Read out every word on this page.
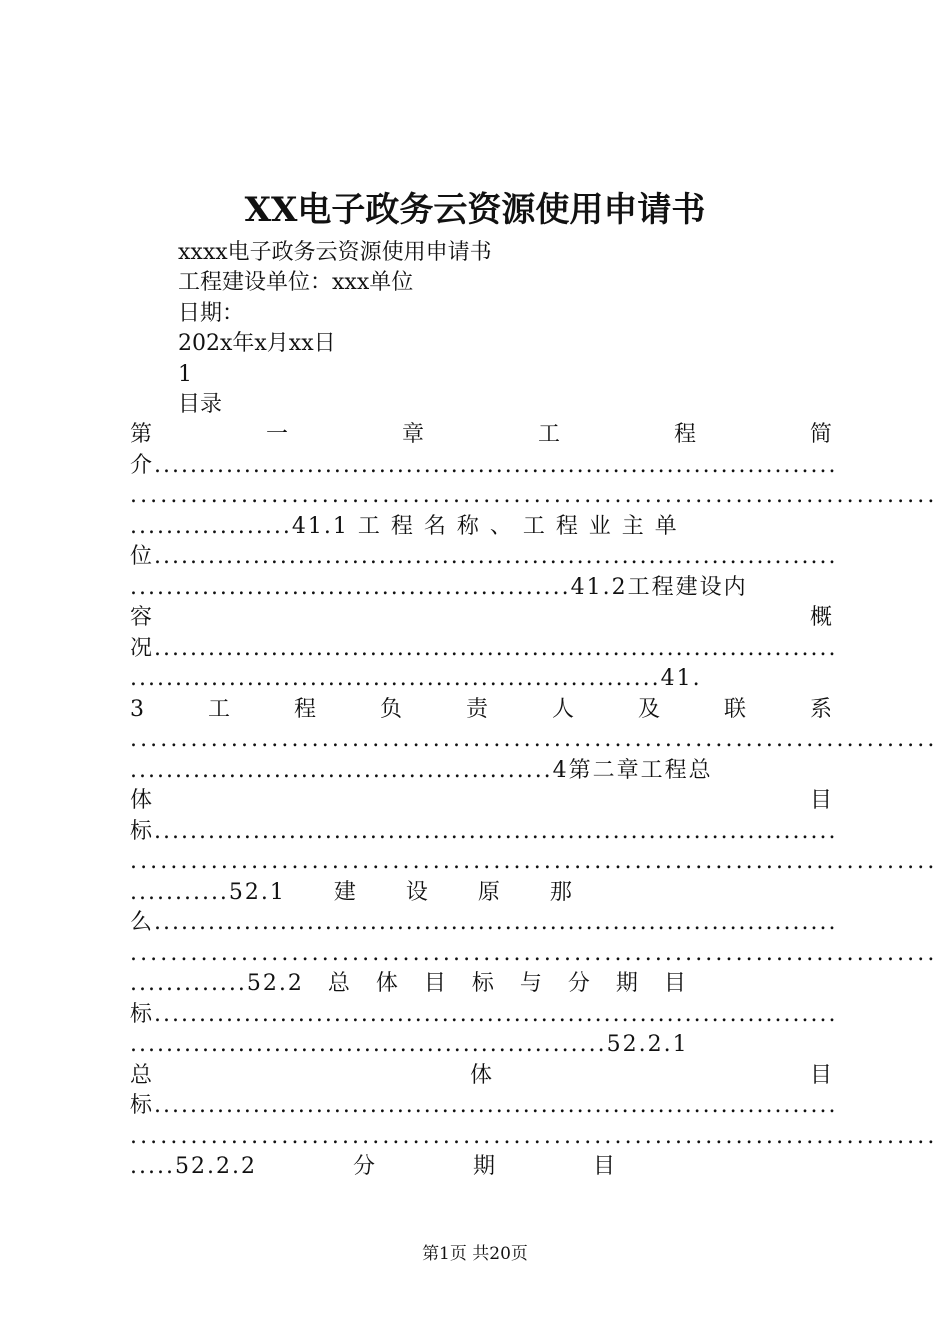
XX电子政务云资源使用申请书
xxxx电子政务云资源使用申请书
工程建设单位：xxx单位
日期：
202x年x月xx日
1
目录
第	一	章	工	程	简
介............................................................................
................................................................................
..................41.1 工 程 名 称 、 工 程 业 主 单
位............................................................................
.................................................41.2工程建设内
容	概
况............................................................................
...........................................................41.
3	工	程	负	责	人	及	联	系
................................................................................
...............................................4第二章工程总
体	目
标............................................................................
................................................................................
...........52.1　　建　　设　　原　　那
么............................................................................
................................................................................
.............52.2　总　体　目　标　与　分　期　目
标............................................................................
.....................................................52.2.1
总	体	目
标............................................................................
................................................................................
.....52.2.2　　　　分　　　　期　　　　目
第1页 共20页
